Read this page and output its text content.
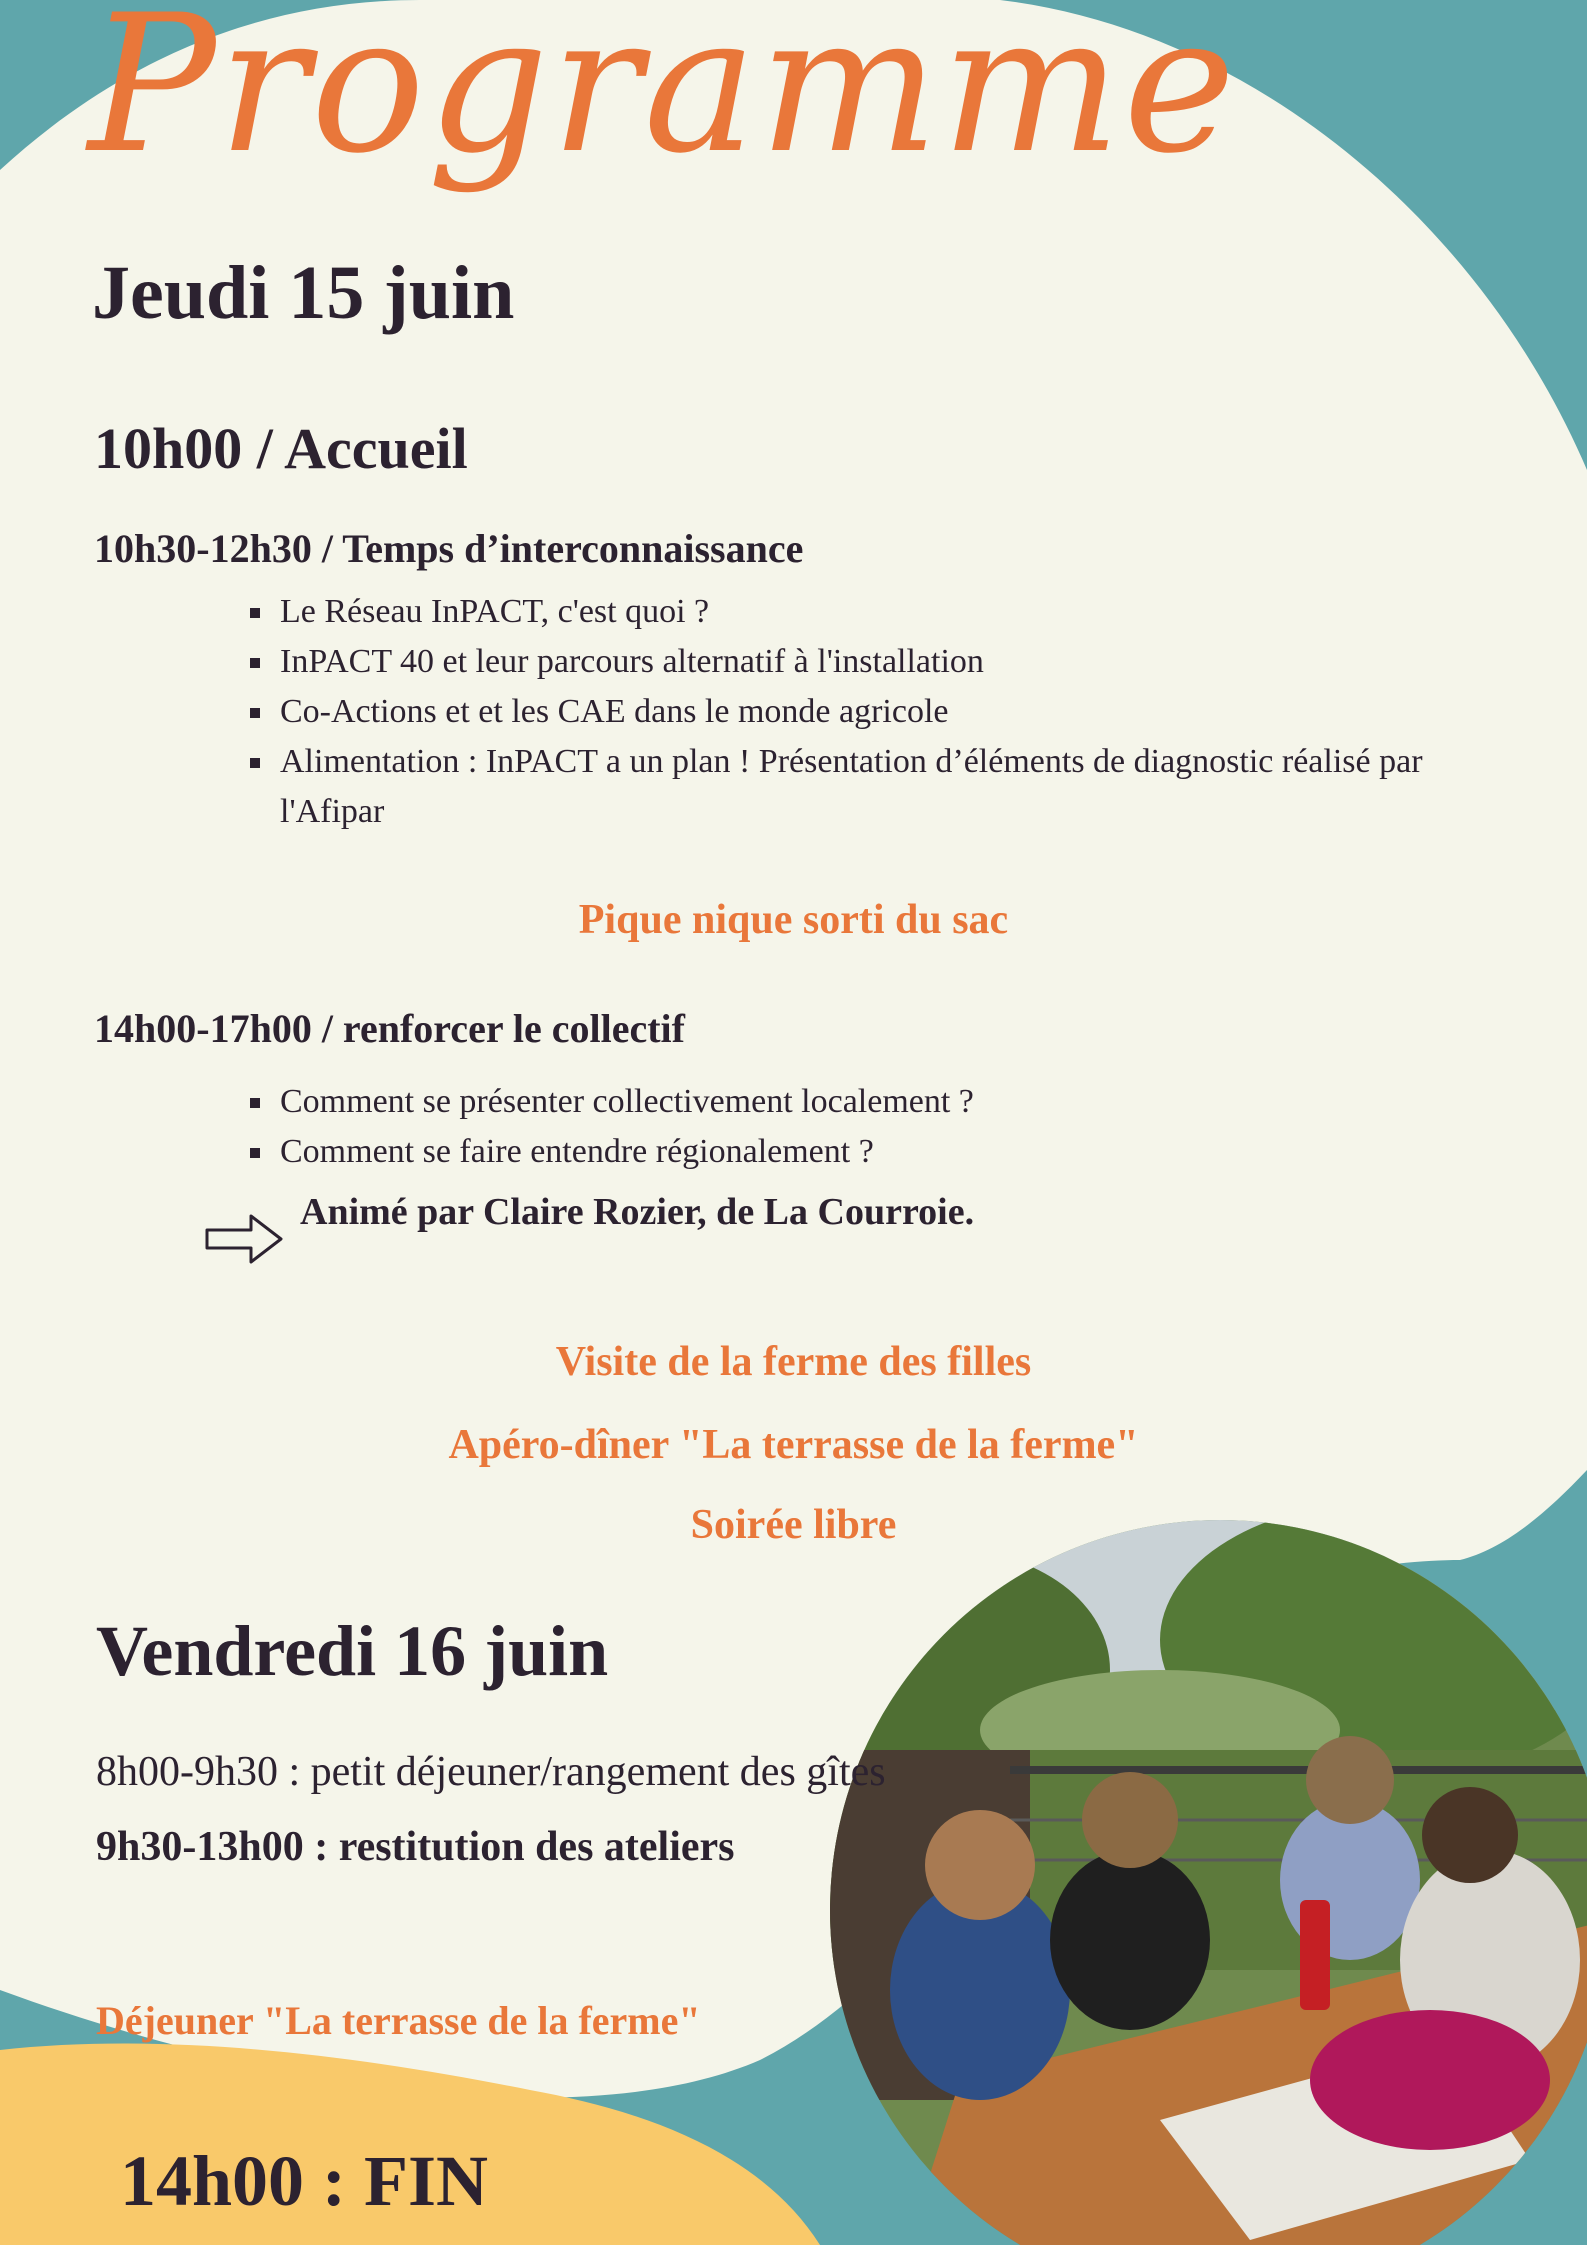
Programme
Jeudi 15 juin
10h00 / Accueil
10h30-12h30 / Temps d’interconnaissance
Le Réseau InPACT, c'est quoi ?
InPACT 40 et leur parcours alternatif à l'installation
Co-Actions et et les CAE dans le monde agricole
Alimentation : InPACT a un plan ! Présentation d’éléments de diagnostic réalisé par l'Afipar
Pique nique sorti du sac
14h00-17h00 / renforcer le collectif
Comment se présenter collectivement localement ?
Comment se faire entendre régionalement ?
Animé par Claire Rozier, de La Courroie.
Visite de la ferme des filles
Apéro-dîner "La terrasse de la ferme"
Soirée libre
Vendredi 16 juin
8h00-9h30 : petit déjeuner/rangement des gîtes
9h30-13h00 : restitution des ateliers
Déjeuner "La terrasse de la ferme"
14h00 : FIN
